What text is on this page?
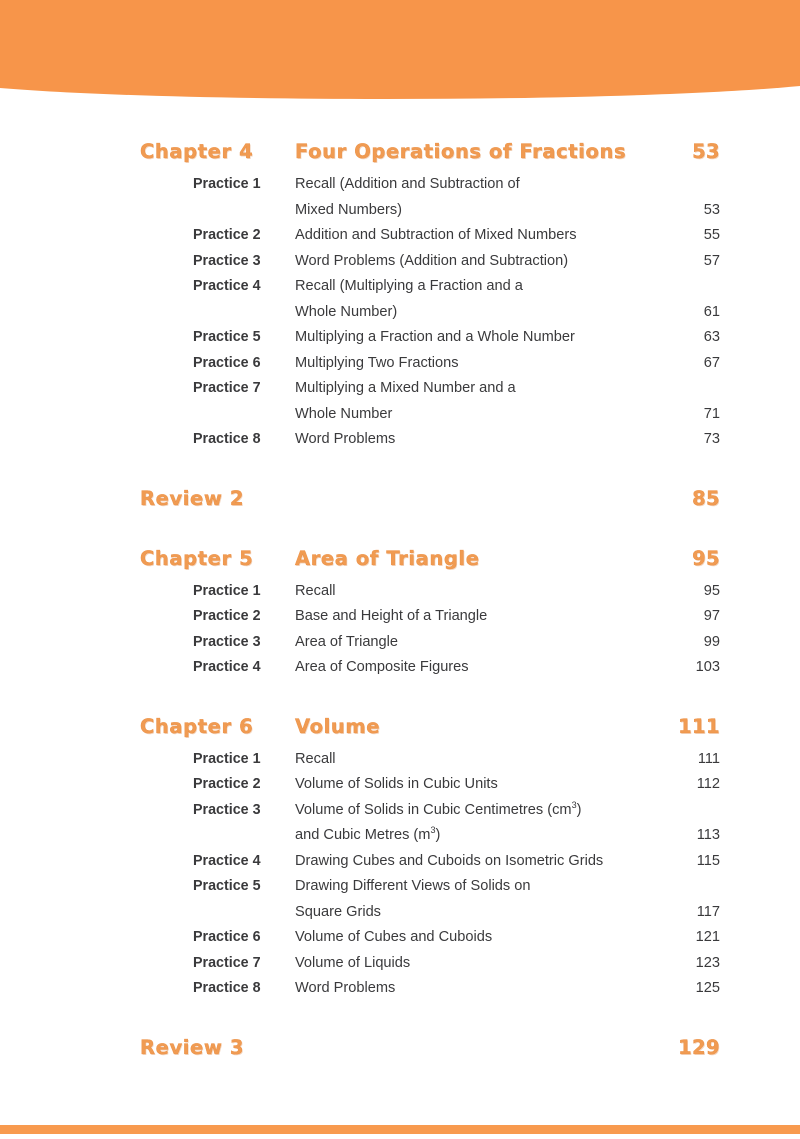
Chapter 4	Four Operations of Fractions	53
Practice 1	Recall (Addition and Subtraction of
Mixed Numbers)	53
Practice 2	Addition and Subtraction of Mixed Numbers	55
Practice 3	Word Problems (Addition and Subtraction)	57
Practice 4	Recall (Multiplying a Fraction and a
Whole Number)	61
Practice 5	Multiplying a Fraction and a Whole Number	63
Practice 6	Multiplying Two Fractions	67
Practice 7	Multiplying a Mixed Number and a
Whole Number	71
Practice 8	Word Problems	73
Review 2	85
Chapter 5	Area of Triangle	95
Practice 1	Recall	95
Practice 2	Base and Height of a Triangle	97
Practice 3	Area of Triangle	99
Practice 4	Area of Composite Figures	103
Chapter 6	Volume	111
Practice 1	Recall	111
Practice 2	Volume of Solids in Cubic Units	112
Practice 3	Volume of Solids in Cubic Centimetres $(cm^3)$
and Cubic Metres $(m^3)$	113
Practice 4	Drawing Cubes and Cuboids on Isometric Grids	115
Practice 5	Drawing Different Views of Solids on
Square Grids	117
Practice 6	Volume of Cubes and Cuboids	121
Practice 7	Volume of Liquids	123
Practice 8	Word Problems	125
Review 3	129
